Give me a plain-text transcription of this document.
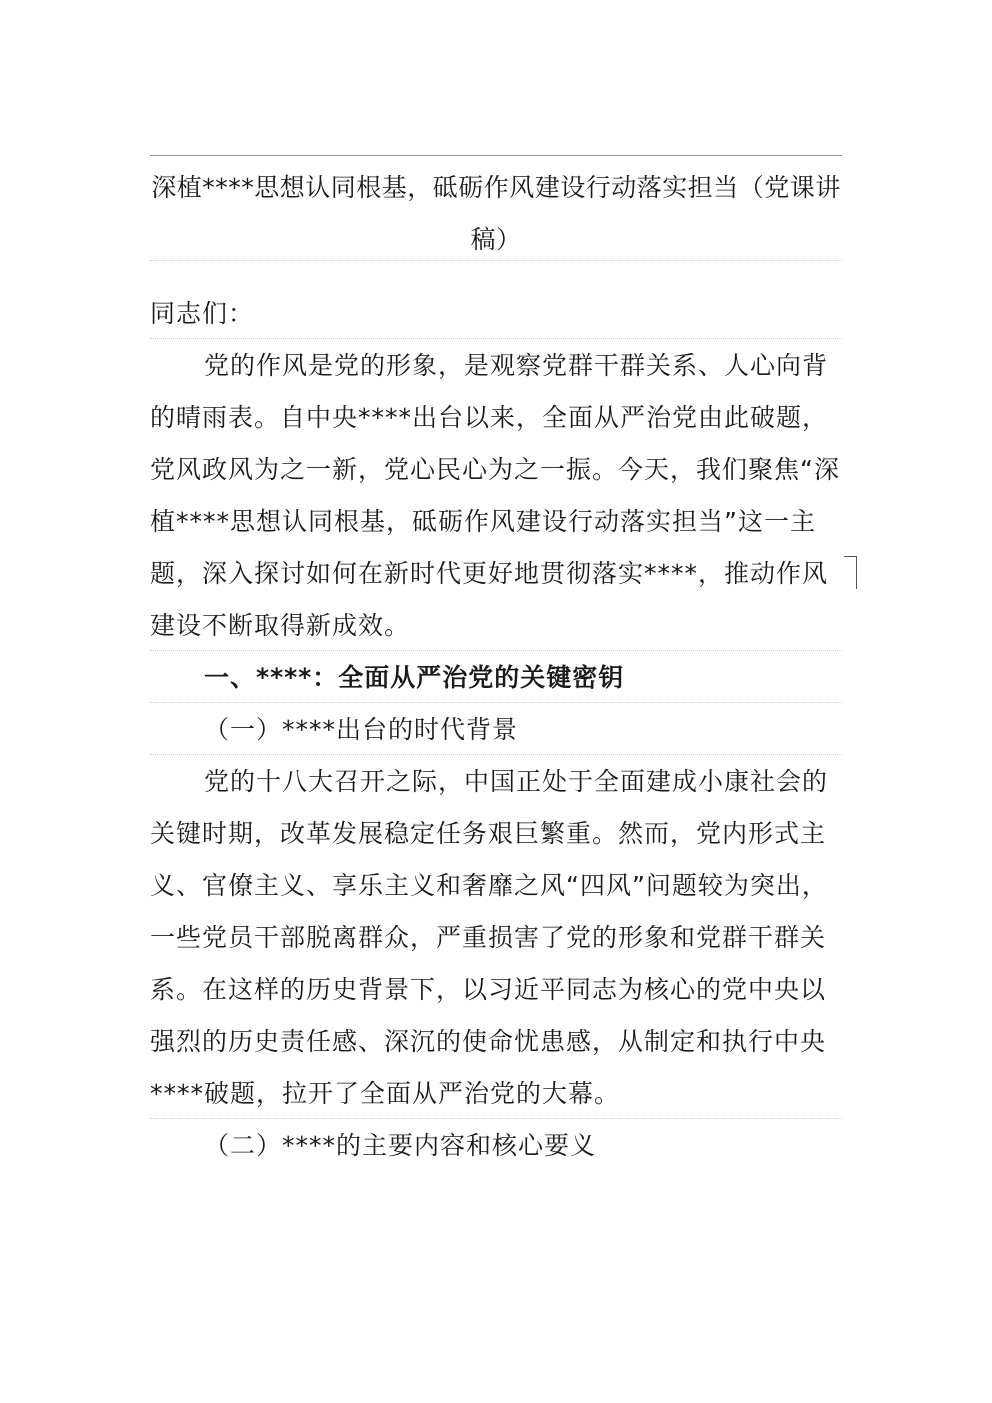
深植****思想认同根基，砥砺作风建设行动落实担当（党课讲稿）

同志们：

党的作风是党的形象，是观察党群干群关系、人心向背的晴雨表。自中央****出台以来，全面从严治党由此破题，党风政风为之一新，党心民心为之一振。今天，我们聚焦“深植****思想认同根基，砥砺作风建设行动落实担当”这一主题，深入探讨如何在新时代更好地贯彻落实****，推动作风建设不断取得新成效。

一、****：全面从严治党的关键密钥

（一）****出台的时代背景

党的十八大召开之际，中国正处于全面建成小康社会的关键时期，改革发展稳定任务艰巨繁重。然而，党内形式主义、官僚主义、享乐主义和奢靡之风“四风”问题较为突出，一些党员干部脱离群众，严重损害了党的形象和党群干群关系。在这样的历史背景下，以习近平同志为核心的党中央以强烈的历史责任感、深沉的使命忧患感，从制定和执行中央****破题，拉开了全面从严治党的大幕。

（二）****的主要内容和核心要义
